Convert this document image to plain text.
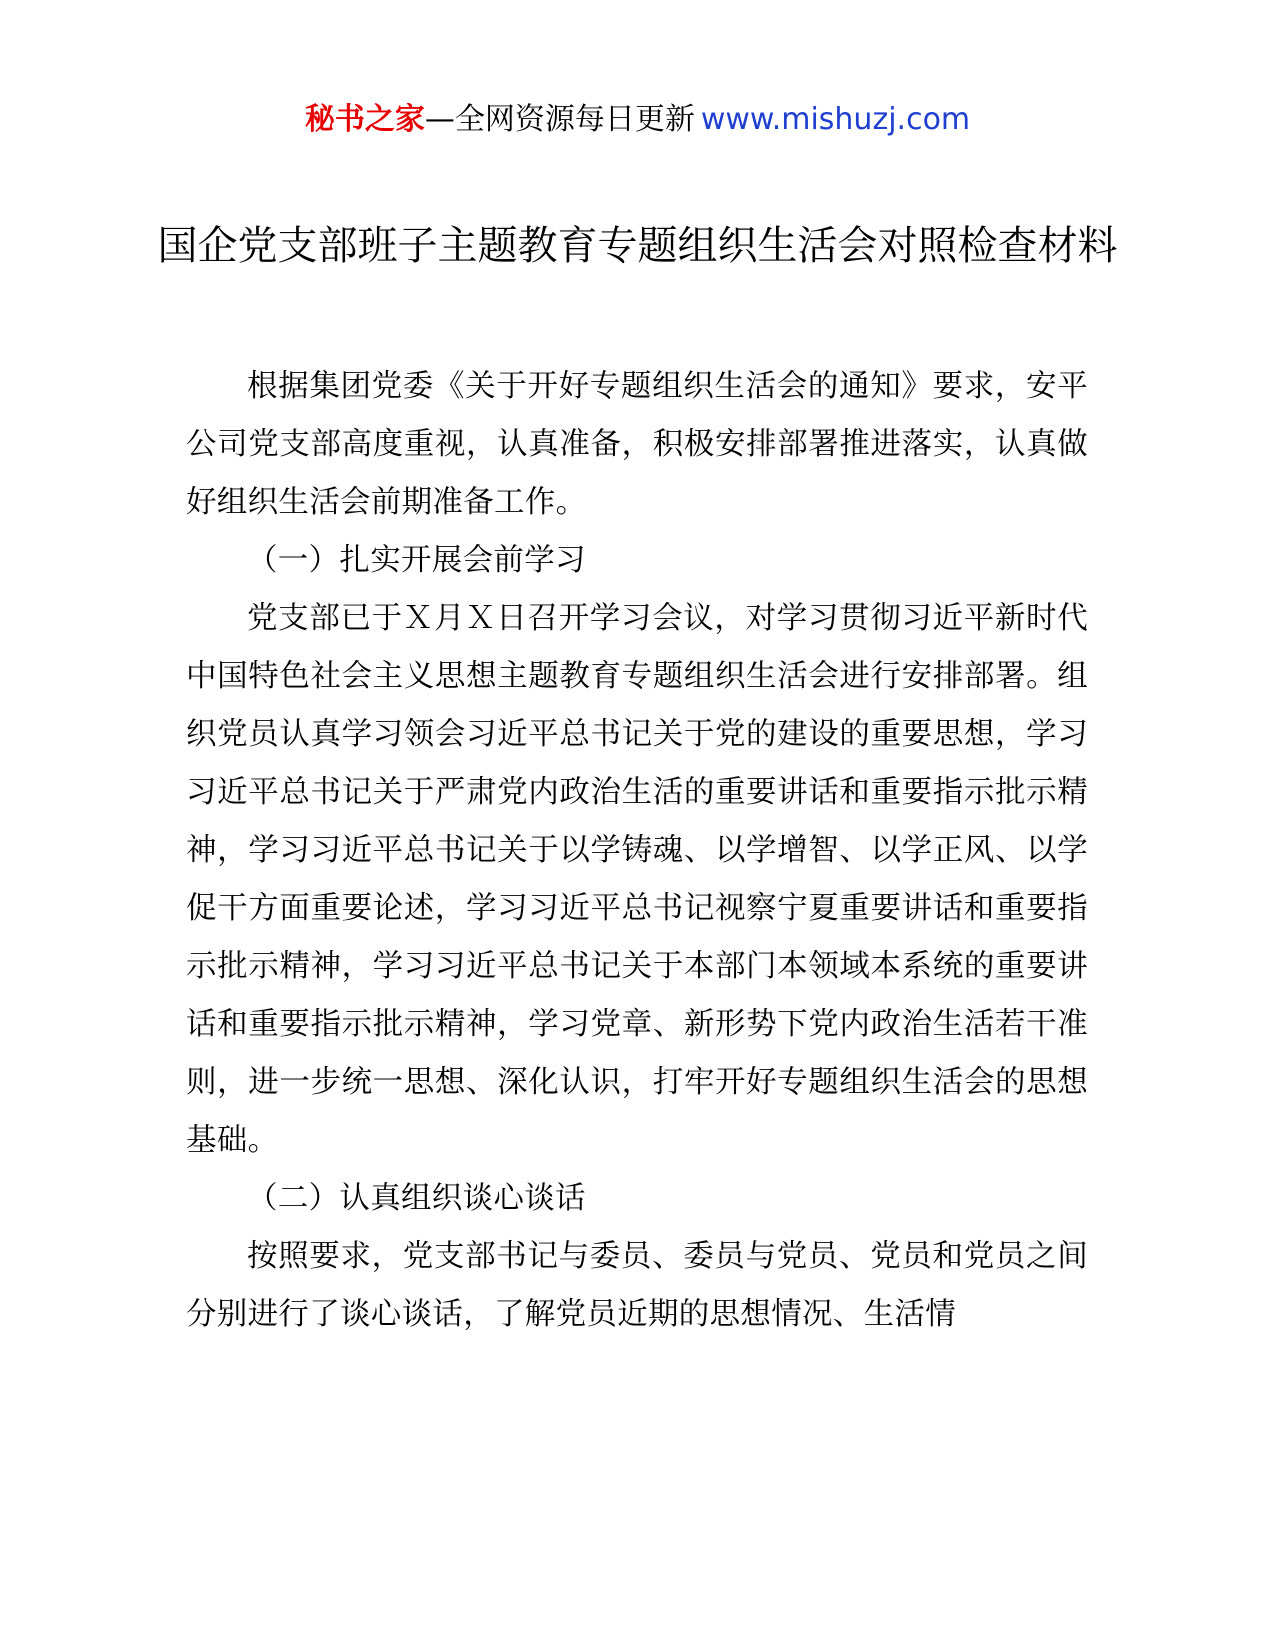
秘书之家—全网资源每日更新 www.mishuzj.com
国企党支部班子主题教育专题组织生活会对照检查材料

根据集团党委《关于开好专题组织生活会的通知》要求，安平公司党支部高度重视，认真准备，积极安排部署推进落实，认真做好组织生活会前期准备工作。

（一）扎实开展会前学习

党支部已于Ｘ月Ｘ日召开学习会议，对学习贯彻习近平新时代中国特色社会主义思想主题教育专题组织生活会进行安排部署。组织党员认真学习领会习近平总书记关于党的建设的重要思想，学习习近平总书记关于严肃党内政治生活的重要讲话和重要指示批示精神，学习习近平总书记关于以学铸魂、以学增智、以学正风、以学促干方面重要论述，学习习近平总书记视察宁夏重要讲话和重要指示批示精神，学习习近平总书记关于本部门本领域本系统的重要讲话和重要指示批示精神，学习党章、新形势下党内政治生活若干准则，进一步统一思想、深化认识，打牢开好专题组织生活会的思想基础。

（二）认真组织谈心谈话

按照要求，党支部书记与委员、委员与党员、党员和党员之间分别进行了谈心谈话，了解党员近期的思想情况、生活情
